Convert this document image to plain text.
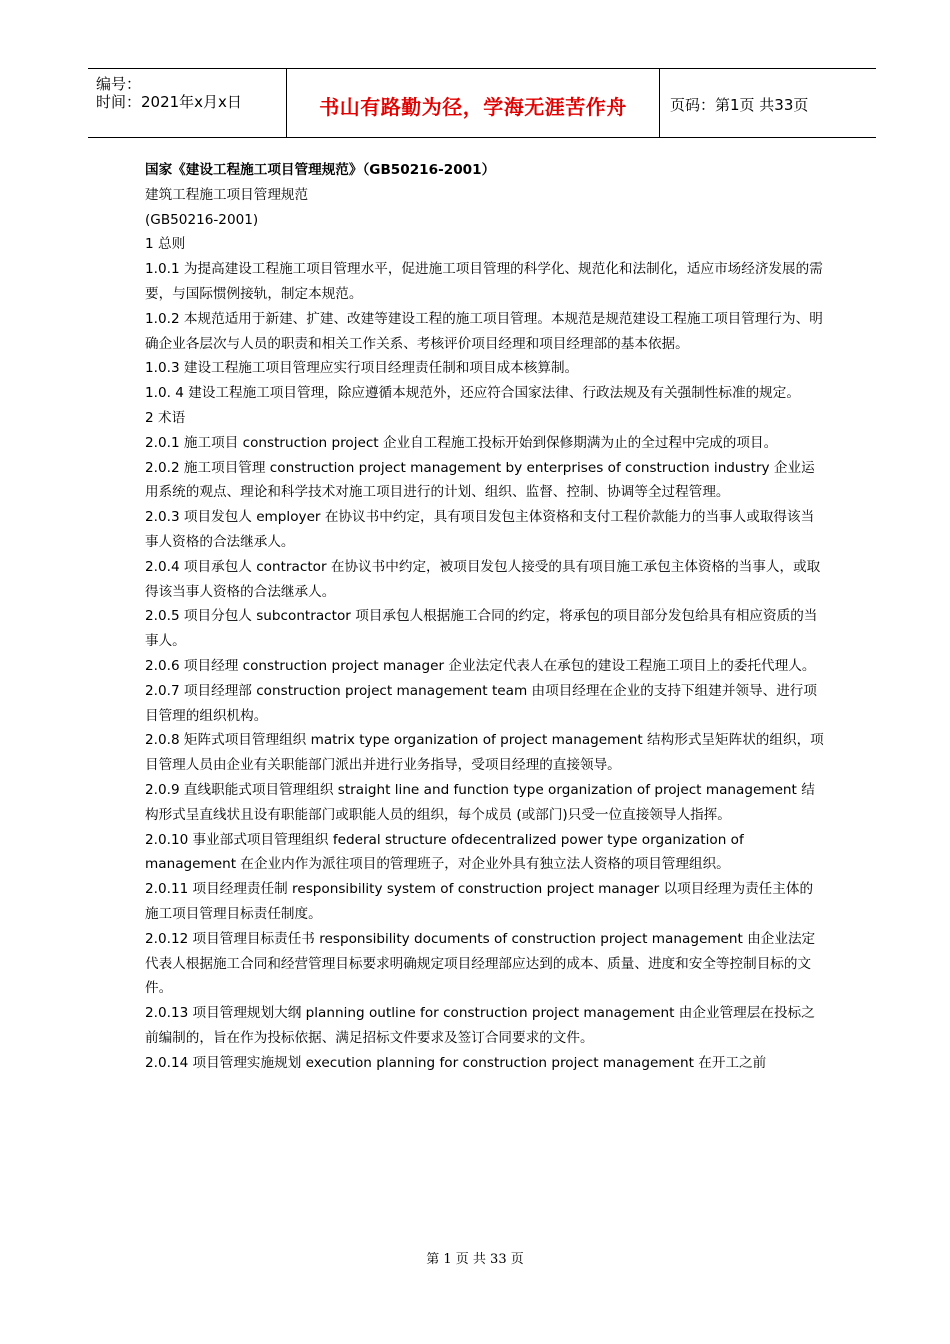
编号：
时间：2021年x月x日	书山有路勤为径，学海无涯苦作舟	页码：第1页 共33页

国家《建设工程施工项目管理规范》（GB50216-2001）

建筑工程施工项目管理规范

(GB50216-2001)

1 总则

1.0.1 为提高建设工程施工项目管理水平，促进施工项目管理的科学化、规范化和法制化，适应市场经济发展的需要，与国际惯例接轨，制定本规范。

1.0.2 本规范适用于新建、扩建、改建等建设工程的施工项目管理。本规范是规范建设工程施工项目管理行为、明确企业各层次与人员的职责和相关工作关系、考核评价项目经理和项目经理部的基本依据。

1.0.3 建设工程施工项目管理应实行项目经理责任制和项目成本核算制。

1.0. 4 建设工程施工项目管理，除应遵循本规范外，还应符合国家法律、行政法规及有关强制性标准的规定。

2 术语

2.0.1 施工项目 construction project 企业自工程施工投标开始到保修期满为止的全过程中完成的项目。

2.0.2 施工项目管理 construction project management by enterprises of construction industry 企业运用系统的观点、理论和科学技术对施工项目进行的计划、组织、监督、控制、协调等全过程管理。

2.0.3 项目发包人 employer 在协议书中约定，具有项目发包主体资格和支付工程价款能力的当事人或取得该当事人资格的合法继承人。

2.0.4 项目承包人 contractor 在协议书中约定，被项目发包人接受的具有项目施工承包主体资格的当事人，或取得该当事人资格的合法继承人。

2.0.5 项目分包人 subcontractor 项目承包人根据施工合同的约定，将承包的项目部分发包给具有相应资质的当事人。

2.0.6 项目经理 construction project manager 企业法定代表人在承包的建设工程施工项目上的委托代理人。

2.0.7 项目经理部 construction project management team 由项目经理在企业的支持下组建并领导、进行项目管理的组织机构。

2.0.8 矩阵式项目管理组织 matrix type organization of project management 结构形式呈矩阵状的组织，项目管理人员由企业有关职能部门派出并进行业务指导，受项目经理的直接领导。

2.0.9 直线职能式项目管理组织 straight line and function type organization of project management 结构形式呈直线状且设有职能部门或职能人员的组织，每个成员 (或部门)只受一位直接领导人指挥。

2.0.10 事业部式项目管理组织 federal structure ofdecentralized power type organization of management 在企业内作为派往项目的管理班子，对企业外具有独立法人资格的项目管理组织。

2.0.11 项目经理责任制 responsibility system of construction project manager 以项目经理为责任主体的施工项目管理目标责任制度。

2.0.12 项目管理目标责任书 responsibility documents of construction project management 由企业法定代表人根据施工合同和经营管理目标要求明确规定项目经理部应达到的成本、质量、进度和安全等控制目标的文件。

2.0.13 项目管理规划大纲 planning outline for construction project management 由企业管理层在投标之前编制的，旨在作为投标依据、满足招标文件要求及签订合同要求的文件。

2.0.14 项目管理实施规划 execution planning for construction project management 在开工之前

第 1 页 共 33 页
